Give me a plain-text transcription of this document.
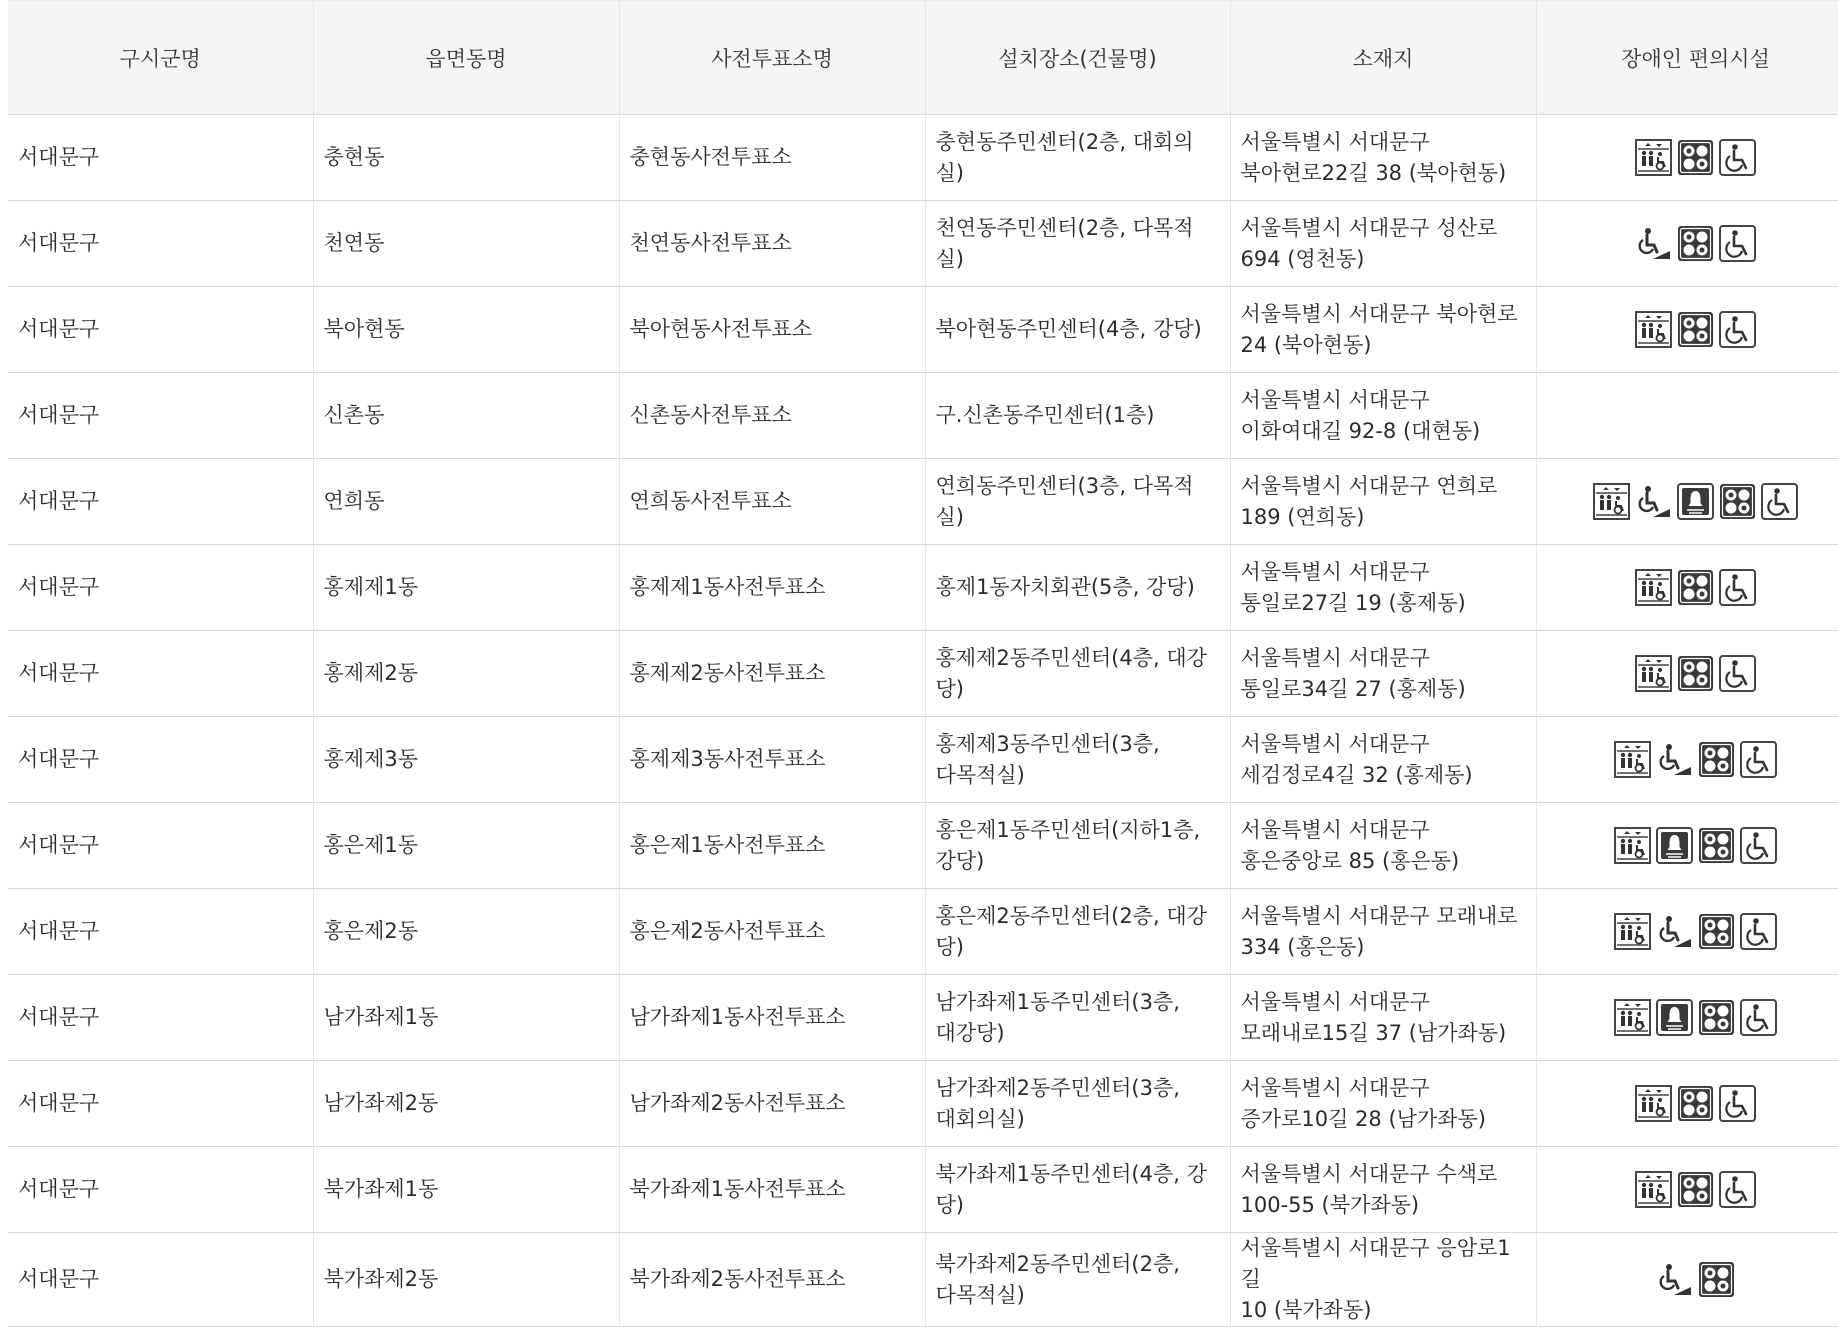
구시군명	읍면동명	사전투표소명	설치장소(건물명)	소재지	장애인 편의시설
서대문구	충현동	충현동사전투표소	충현동주민센터(2층, 대회의실)	서울특별시 서대문구
북아현로22길 38 (북아현동)	

서대문구	천연동	천연동사전투표소	천연동주민센터(2층, 다목적실)	서울특별시 서대문구 성산로
694 (영천동)	

서대문구	북아현동	북아현동사전투표소	북아현동주민센터(4층, 강당)	서울특별시 서대문구 북아현로
24 (북아현동)	

서대문구	신촌동	신촌동사전투표소	구.신촌동주민센터(1층)	서울특별시 서대문구
이화여대길 92-8 (대현동)	
서대문구	연희동	연희동사전투표소	연희동주민센터(3층, 다목적실)	서울특별시 서대문구 연희로
189 (연희동)	

서대문구	홍제제1동	홍제제1동사전투표소	홍제1동자치회관(5층, 강당)	서울특별시 서대문구
통일로27길 19 (홍제동)	

서대문구	홍제제2동	홍제제2동사전투표소	홍제제2동주민센터(4층, 대강당)	서울특별시 서대문구
통일로34길 27 (홍제동)	

서대문구	홍제제3동	홍제제3동사전투표소	홍제제3동주민센터(3층,
다목적실)	서울특별시 서대문구
세검정로4길 32 (홍제동)	

서대문구	홍은제1동	홍은제1동사전투표소	홍은제1동주민센터(지하1층,
강당)	서울특별시 서대문구
홍은중앙로 85 (홍은동)	

서대문구	홍은제2동	홍은제2동사전투표소	홍은제2동주민센터(2층, 대강당)	서울특별시 서대문구 모래내로
334 (홍은동)	

서대문구	남가좌제1동	남가좌제1동사전투표소	남가좌제1동주민센터(3층,
대강당)	서울특별시 서대문구
모래내로15길 37 (남가좌동)	

서대문구	남가좌제2동	남가좌제2동사전투표소	남가좌제2동주민센터(3층,
대회의실)	서울특별시 서대문구
증가로10길 28 (남가좌동)	

서대문구	북가좌제1동	북가좌제1동사전투표소	북가좌제1동주민센터(4층, 강당)	서울특별시 서대문구 수색로
100-55 (북가좌동)	

서대문구	북가좌제2동	북가좌제2동사전투표소	북가좌제2동주민센터(2층,
다목적실)	서울특별시 서대문구 응암로1길
10 (북가좌동)	
